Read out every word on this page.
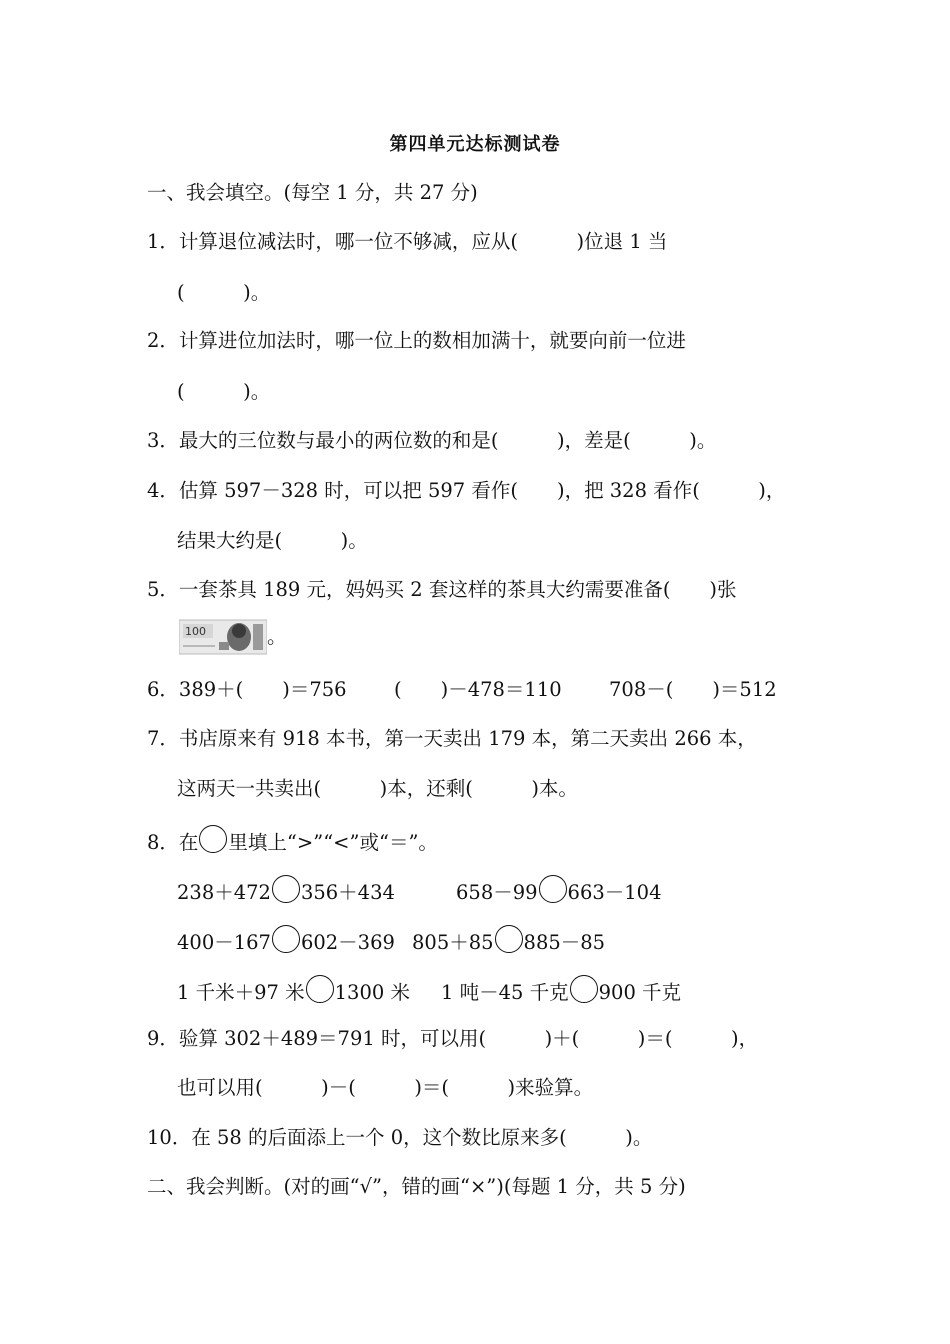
第四单元达标测试卷
一、我会填空。(每空 1 分，共 27 分)
1．计算退位减法时，哪一位不够减，应从(　　　)位退 1 当
(　　　)。
2．计算进位加法时，哪一位上的数相加满十，就要向前一位进
(　　　)。
3．最大的三位数与最小的两位数的和是(　　　)，差是(　　　)。
4．估算 597－328 时，可以把 597 看作(　　)，把 328 看作(　　　)，
结果大约是(　　　)。
5．一套茶具 189 元，妈妈买 2 套这样的茶具大约需要准备(　　)张

100

	。
6．389＋(　　)＝756 (　　)－478＝110 708－(　　)＝512
7．书店原来有 918 本书，第一天卖出 179 本，第二天卖出 266 本，
这两天一共卖出(　　　)本，还剩(　　　)本。
8．在 里填上“>”“<”或“＝”。
238＋472 356＋434	658－99 663－104
400－167 602－369 805＋85 885－85
1 千米＋97 米 1300 米 1 吨－45 千克 900 千克
9．验算 302＋489＝791 时，可以用(　　　)＋(　　　)＝(　　　)，
也可以用(　　　)－(　　　)＝(　　　)来验算。
10．在 58 的后面添上一个 0，这个数比原来多(　　　)。
二、我会判断。(对的画“√”，错的画“×”)(每题 1 分，共 5 分)
